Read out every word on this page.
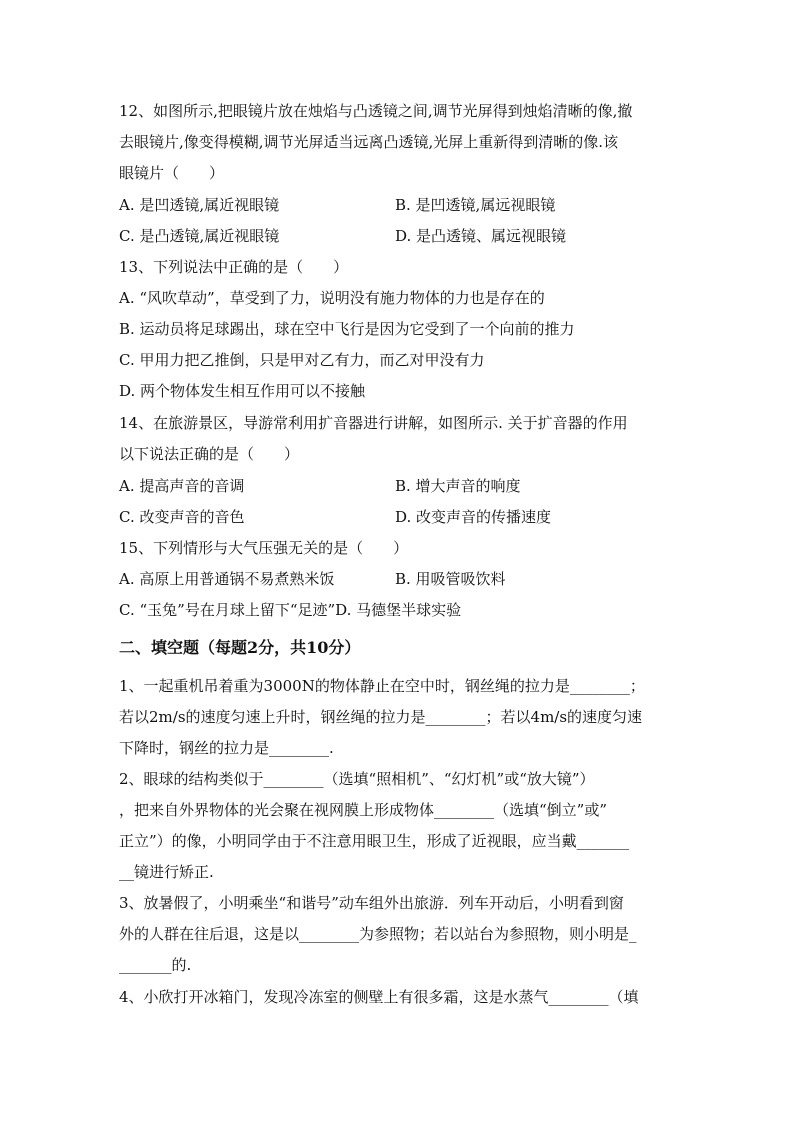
12、如图所示,把眼镜片放在烛焰与凸透镜之间,调节光屏得到烛焰清晰的像,撤
去眼镜片,像变得模糊,调节光屏适当远离凸透镜,光屏上重新得到清晰的像.该
眼镜片（　　）
A. 是凹透镜,属近视眼镜	B. 是凹透镜,属远视眼镜
C. 是凸透镜,属近视眼镜	D. 是凸透镜、属远视眼镜
13、下列说法中正确的是（　　）
A. “风吹草动”，草受到了力，说明没有施力物体的力也是存在的
B. 运动员将足球踢出，球在空中飞行是因为它受到了一个向前的推力
C. 甲用力把乙推倒，只是甲对乙有力，而乙对甲没有力
D. 两个物体发生相互作用可以不接触
14、在旅游景区，导游常利用扩音器进行讲解，如图所示. 关于扩音器的作用
以下说法正确的是（　　）
A. 提高声音的音调	B. 增大声音的响度
C. 改变声音的音色	D. 改变声音的传播速度
15、下列情形与大气压强无关的是（　　）
A. 高原上用普通锅不易煮熟米饭	B. 用吸管吸饮料
C. “玉兔”号在月球上留下“足迹”D. 马德堡半球实验
二、填空题（每题2分，共10分）
1、一起重机吊着重为3000N的物体静止在空中时，钢丝绳的拉力是________；
若以2m/s的速度匀速上升时，钢丝绳的拉力是________；若以4m/s的速度匀速
下降时，钢丝的拉力是________.
2、眼球的结构类似于________（选填“照相机”、“幻灯机”或“放大镜”）
，把来自外界物体的光会聚在视网膜上形成物体________（选填“倒立”或”
正立”）的像，小明同学由于不注意用眼卫生，形成了近视眼，应当戴_______
__镜进行矫正.
3、放暑假了，小明乘坐“和谐号”动车组外出旅游．列车开动后，小明看到窗
外的人群在往后退，这是以________为参照物；若以站台为参照物，则小明是_
_______的.
4、小欣打开冰箱门，发现冷冻室的侧壁上有很多霜，这是水蒸气________（填
